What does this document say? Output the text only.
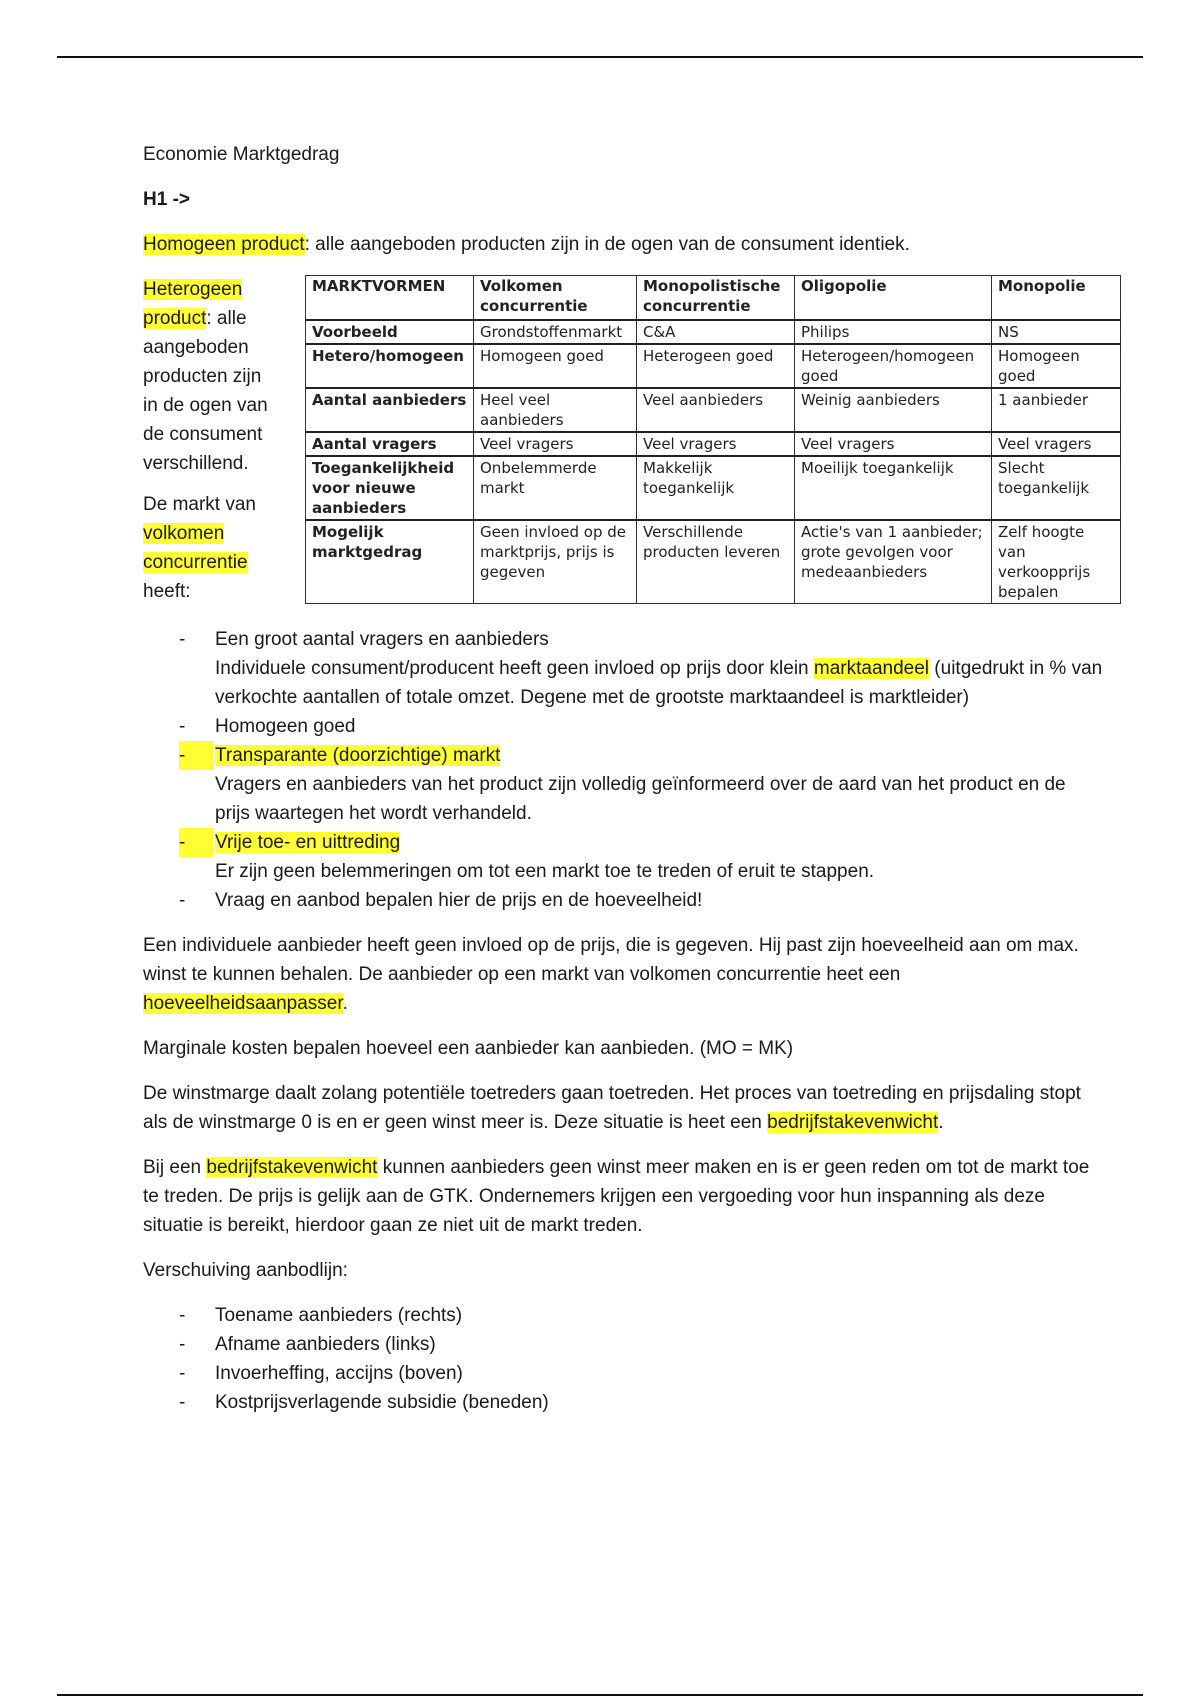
Economie Marktgedrag

H1 ->

Homogeen product: alle aangeboden producten zijn in de ogen van de consument identiek.

Heterogeen
product: alle aangeboden producten zijn in de ogen van de consument verschillend.

De markt van volkomen concurrentie heeft:

MARKTVORMEN	Volkomen concurrentie	Monopolistische concurrentie	Oligopolie	Monopolie
Voorbeeld	Grondstoffenmarkt	C&A	Philips	NS
Hetero/homogeen	Homogeen goed	Heterogeen goed	Heterogeen/homogeen goed	Homogeen goed
Aantal aanbieders	Heel veel aanbieders	Veel aanbieders	Weinig aanbieders	1 aanbieder
Aantal vragers	Veel vragers	Veel vragers	Veel vragers	Veel vragers
Toegankelijkheid voor nieuwe aanbieders	Onbelemmerde markt	Makkelijk toegankelijk	Moeilijk toegankelijk	Slecht toegankelijk
Mogelijk marktgedrag	Geen invloed op de marktprijs, prijs is gegeven	Verschillende producten leveren	Actie's van 1 aanbieder; grote gevolgen voor medeaanbieders	Zelf hoogte van verkoopprijs bepalen
- Een groot aantal vragers en aanbieders
Individuele consument/producent heeft geen invloed op prijs door klein marktaandeel (uitgedrukt in % van verkochte aantallen of totale omzet. Degene met de grootste marktaandeel is marktleider)
- Homogeen goed
-	Transparante (doorzichtige) markt
Vragers en aanbieders van het product zijn volledig geïnformeerd over de aard van het product en de prijs waartegen het wordt verhandeld.
-	Vrije toe- en uittreding
Er zijn geen belemmeringen om tot een markt toe te treden of eruit te stappen.
- Vraag en aanbod bepalen hier de prijs en de hoeveelheid!

Een individuele aanbieder heeft geen invloed op de prijs, die is gegeven. Hij past zijn hoeveelheid aan om max. winst te kunnen behalen. De aanbieder op een markt van volkomen concurrentie heet een hoeveelheidsaanpasser.

Marginale kosten bepalen hoeveel een aanbieder kan aanbieden. (MO = MK)

De winstmarge daalt zolang potentiële toetreders gaan toetreden. Het proces van toetreding en prijsdaling stopt als de winstmarge 0 is en er geen winst meer is. Deze situatie is heet een bedrijfstakevenwicht.

Bij een bedrijfstakevenwicht kunnen aanbieders geen winst meer maken en is er geen reden om tot de markt toe te treden. De prijs is gelijk aan de GTK. Ondernemers krijgen een vergoeding voor hun inspanning als deze situatie is bereikt, hierdoor gaan ze niet uit de markt treden.

Verschuiving aanbodlijn:

- Toename aanbieders (rechts)
- Afname aanbieders (links)
- Invoerheffing, accijns (boven)
- Kostprijsverlagende subsidie (beneden)
